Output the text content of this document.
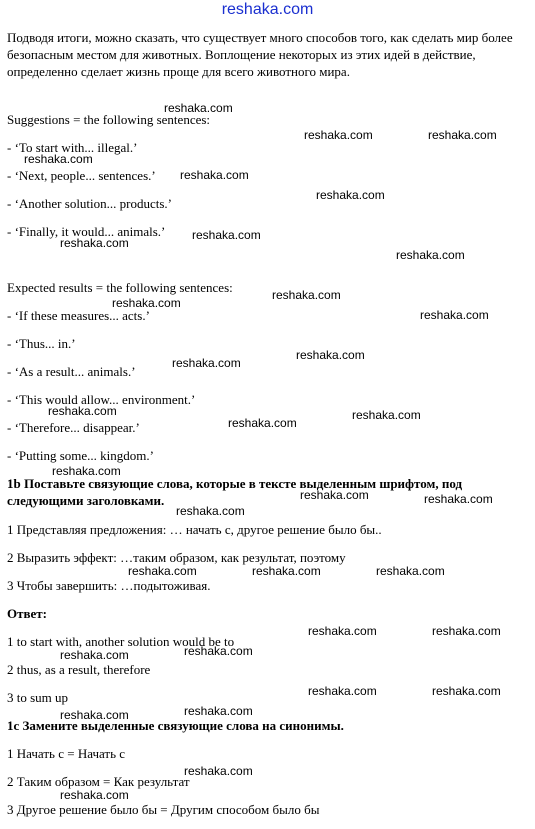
reshaka.com
Подводя итоги, можно сказать, что существует много способов того, как сделать мир более безопасным местом для животных. Воплощение некоторых из этих идей в действие, определенно сделает жизнь проще для всего животного мира.
Suggestions = the following sentences:
- ‘To start with... illegal.’
- ‘Next, people... sentences.’
- ‘Another solution... products.’
- ‘Finally, it would... animals.’
Expected results = the following sentences:
- ‘If these measures... acts.’
- ‘Thus... in.’
- ‘As a result... animals.’
- ‘This would allow... environment.’
- ‘Therefore... disappear.’
- ‘Putting some... kingdom.’
1b Поставьте связующие слова, которые в тексте выделенным шрифтом, под следующими заголовками.
1 Представляя предложения: … начать с, другое решение было бы..
2 Выразить эффект: …таким образом, как результат, поэтому
3 Чтобы завершить: …подытоживая.
Ответ:
1 to start with, another solution would be to
2 thus, as a result, therefore
3 to sum up
1c Замените выделенные связующие слова на синонимы.
1 Начать с = Начать с
2 Таким образом = Как результат
3 Другое решение было бы = Другим способом было бы
reshaka.com
reshaka.com	reshaka.com
reshaka.com
reshaka.com
reshaka.com
reshaka.com
reshaka.com
reshaka.com
reshaka.com
reshaka.com
reshaka.com
reshaka.com
reshaka.com
reshaka.com	reshaka.com
reshaka.com
reshaka.com
reshaka.com	reshaka.com
reshaka.com
reshaka.com	reshaka.com	reshaka.com
reshaka.com	reshaka.com
reshaka.com
reshaka.com
reshaka.com	reshaka.com
reshaka.com
reshaka.com
reshaka.com
reshaka.com
